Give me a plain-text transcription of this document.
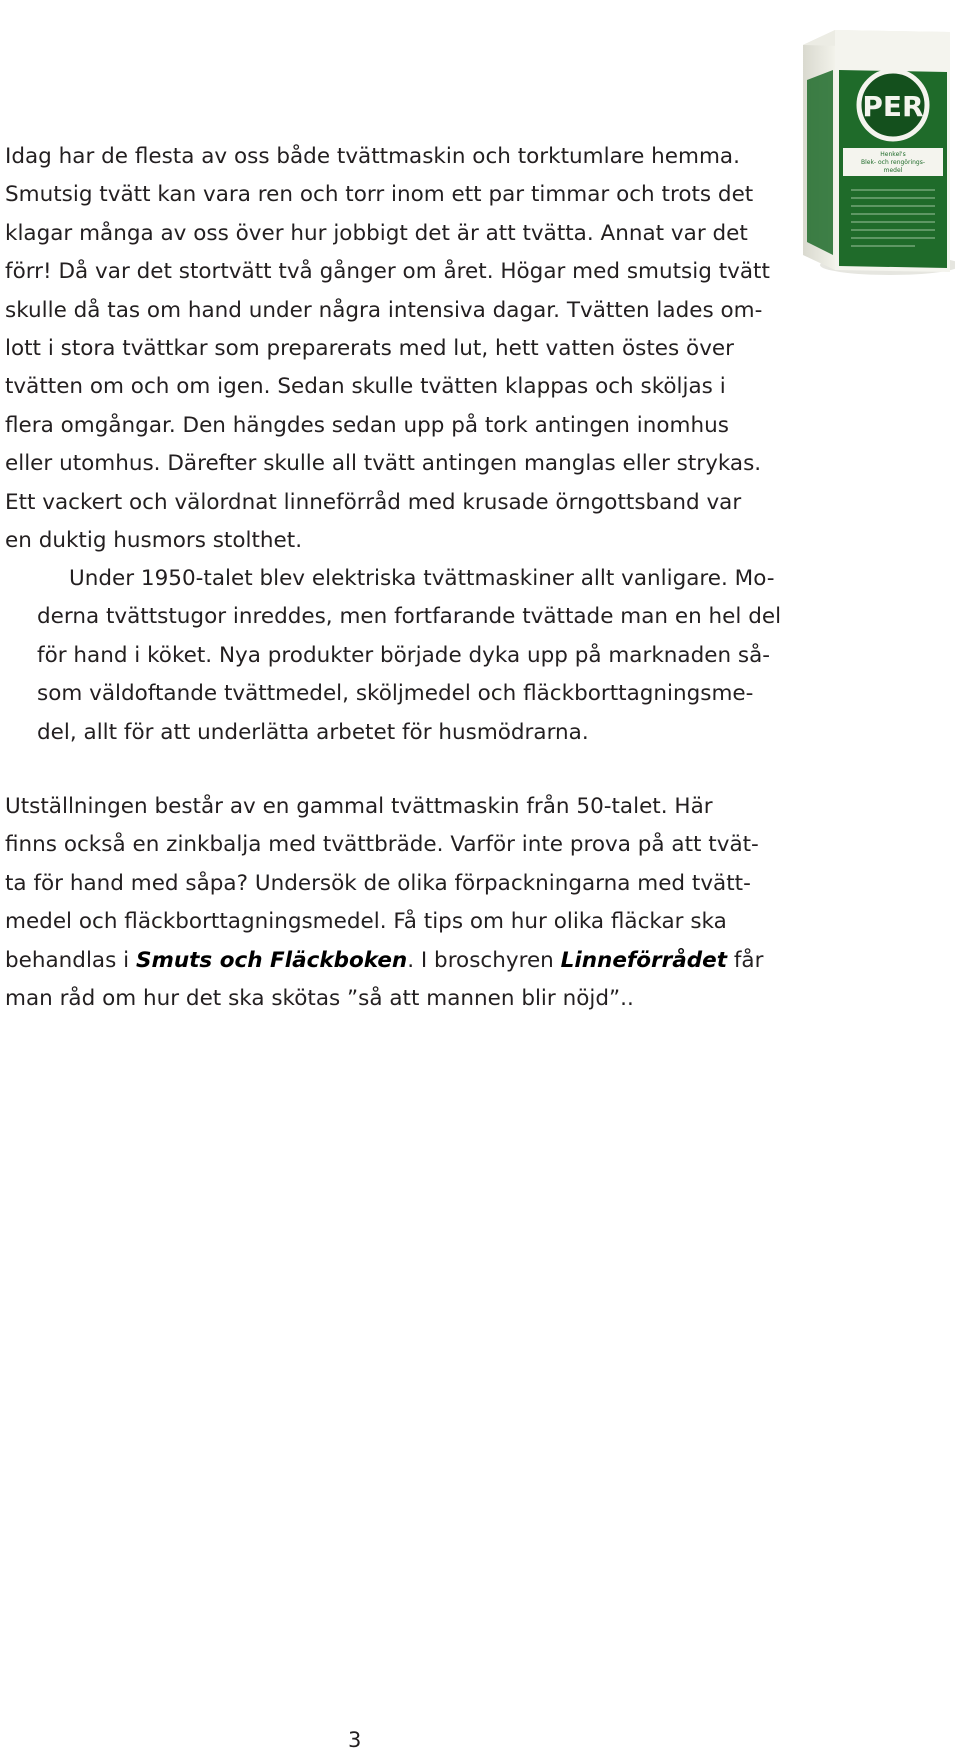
PER
Henkel's
Blek- och rengörings-
medel

Idag har de flesta av oss både tvättmaskin och torktumlare hemma.
Smutsig tvätt kan vara ren och torr inom ett par timmar och trots det
klagar många av oss över hur jobbigt det är att tvätta. Annat var det
förr! Då var det stortvätt två gånger om året. Högar med smutsig tvätt
skulle då tas om hand under några intensiva dagar. Tvätten lades om-
lott i stora tvättkar som preparerats med lut, hett vatten östes över
tvätten om och om igen. Sedan skulle tvätten klappas och sköljas i
flera omgångar. Den hängdes sedan upp på tork antingen inomhus
eller utomhus. Därefter skulle all tvätt antingen manglas eller strykas.
Ett vackert och välordnat linneförråd med krusade örngottsband var
en duktig husmors stolthet.

Under 1950-talet blev elektriska tvättmaskiner allt vanligare. Mo-
derna tvättstugor inreddes, men fortfarande tvättade man en hel del
för hand i köket. Nya produkter började dyka upp på marknaden så-
som väldoftande tvättmedel, sköljmedel och fläckborttagningsme-
del, allt för att underlätta arbetet för husmödrarna.

Utställningen består av en gammal tvättmaskin från 50-talet. Här
finns också en zinkbalja med tvättbräde. Varför inte prova på att tvät-
ta för hand med såpa? Undersök de olika förpackningarna med tvätt-
medel och fläckborttagningsmedel. Få tips om hur olika fläckar ska
behandlas i Smuts och Fläckboken. I broschyren Linneförrådet får
man råd om hur det ska skötas ”så att mannen blir nöjd”..

3
